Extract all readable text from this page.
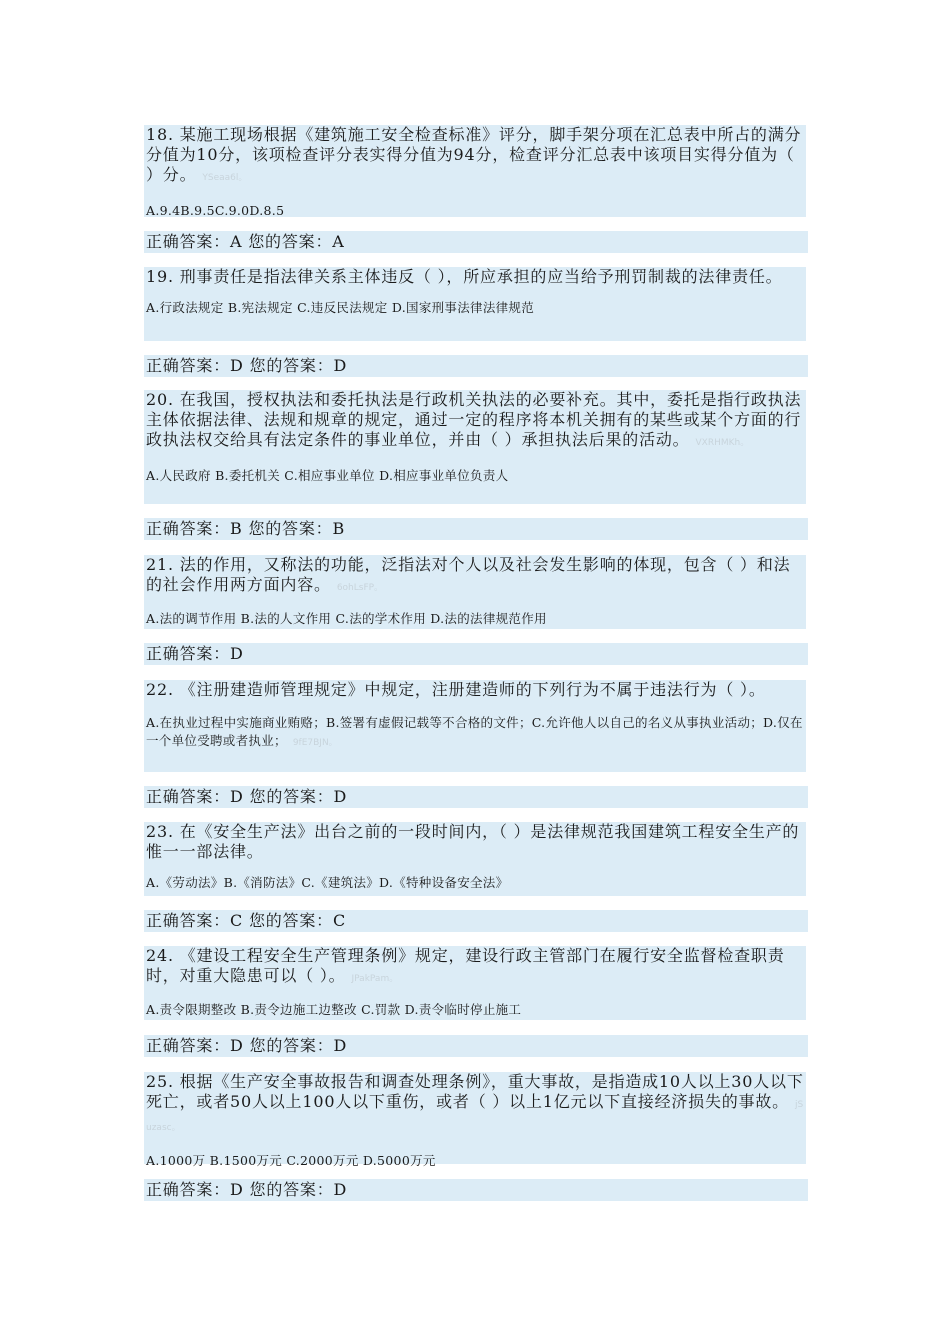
18. 某施工现场根据《建筑施工安全检查标准》评分，脚手架分项在汇总表中所占的满分分值为10分，该项检查评分表实得分值为94分，检查评分汇总表中该项目实得分值为（ ）分。 YSeaa6l。
A.9.4B.9.5C.9.0D.8.5
正确答案：A 您的答案：A
19. 刑事责任是指法律关系主体违反（ ），所应承担的应当给予刑罚制裁的法律责任。
A.行政法规定 B.宪法规定 C.违反民法规定 D.国家刑事法律法律规范
正确答案：D 您的答案：D
20. 在我国，授权执法和委托执法是行政机关执法的必要补充。其中，委托是指行政执法主体依据法律、法规和规章的规定，通过一定的程序将本机关拥有的某些或某个方面的行政执法权交给具有法定条件的事业单位，并由（ ）承担执法后果的活动。 VXRHMKh。
A.人民政府 B.委托机关 C.相应事业单位 D.相应事业单位负责人
正确答案：B 您的答案：B
21. 法的作用，又称法的功能，泛指法对个人以及社会发生影响的体现，包含（ ）和法的社会作用两方面内容。 6ohLsFP。
A.法的调节作用 B.法的人文作用 C.法的学术作用 D.法的法律规范作用
正确答案：D
22. 《注册建造师管理规定》中规定，注册建造师的下列行为不属于违法行为（ ）。
A.在执业过程中实施商业贿赂；B.签署有虚假记载等不合格的文件；C.允许他人以自己的名义从事执业活动；D.仅在一个单位受聘或者执业； 9fE7BJN。
正确答案：D 您的答案：D
23. 在《安全生产法》出台之前的一段时间内，（ ）是法律规范我国建筑工程安全生产的惟一一部法律。
A.《劳动法》B.《消防法》C.《建筑法》D.《特种设备安全法》
正确答案：C 您的答案：C
24. 《建设工程安全生产管理条例》规定，建设行政主管部门在履行安全监督检查职责时，对重大隐患可以（ ）。 JPakPam。
A.责令限期整改 B.责令边施工边整改 C.罚款 D.责令临时停止施工
正确答案：D 您的答案：D
25. 根据《生产安全事故报告和调查处理条例》，重大事故，是指造成10人以上30人以下死亡，或者50人以上100人以下重伤，或者（ ）以上1亿元以下直接经济损失的事故。 jSuzasc。
A.1000万 B.1500万元 C.2000万元 D.5000万元
正确答案：D 您的答案：D
